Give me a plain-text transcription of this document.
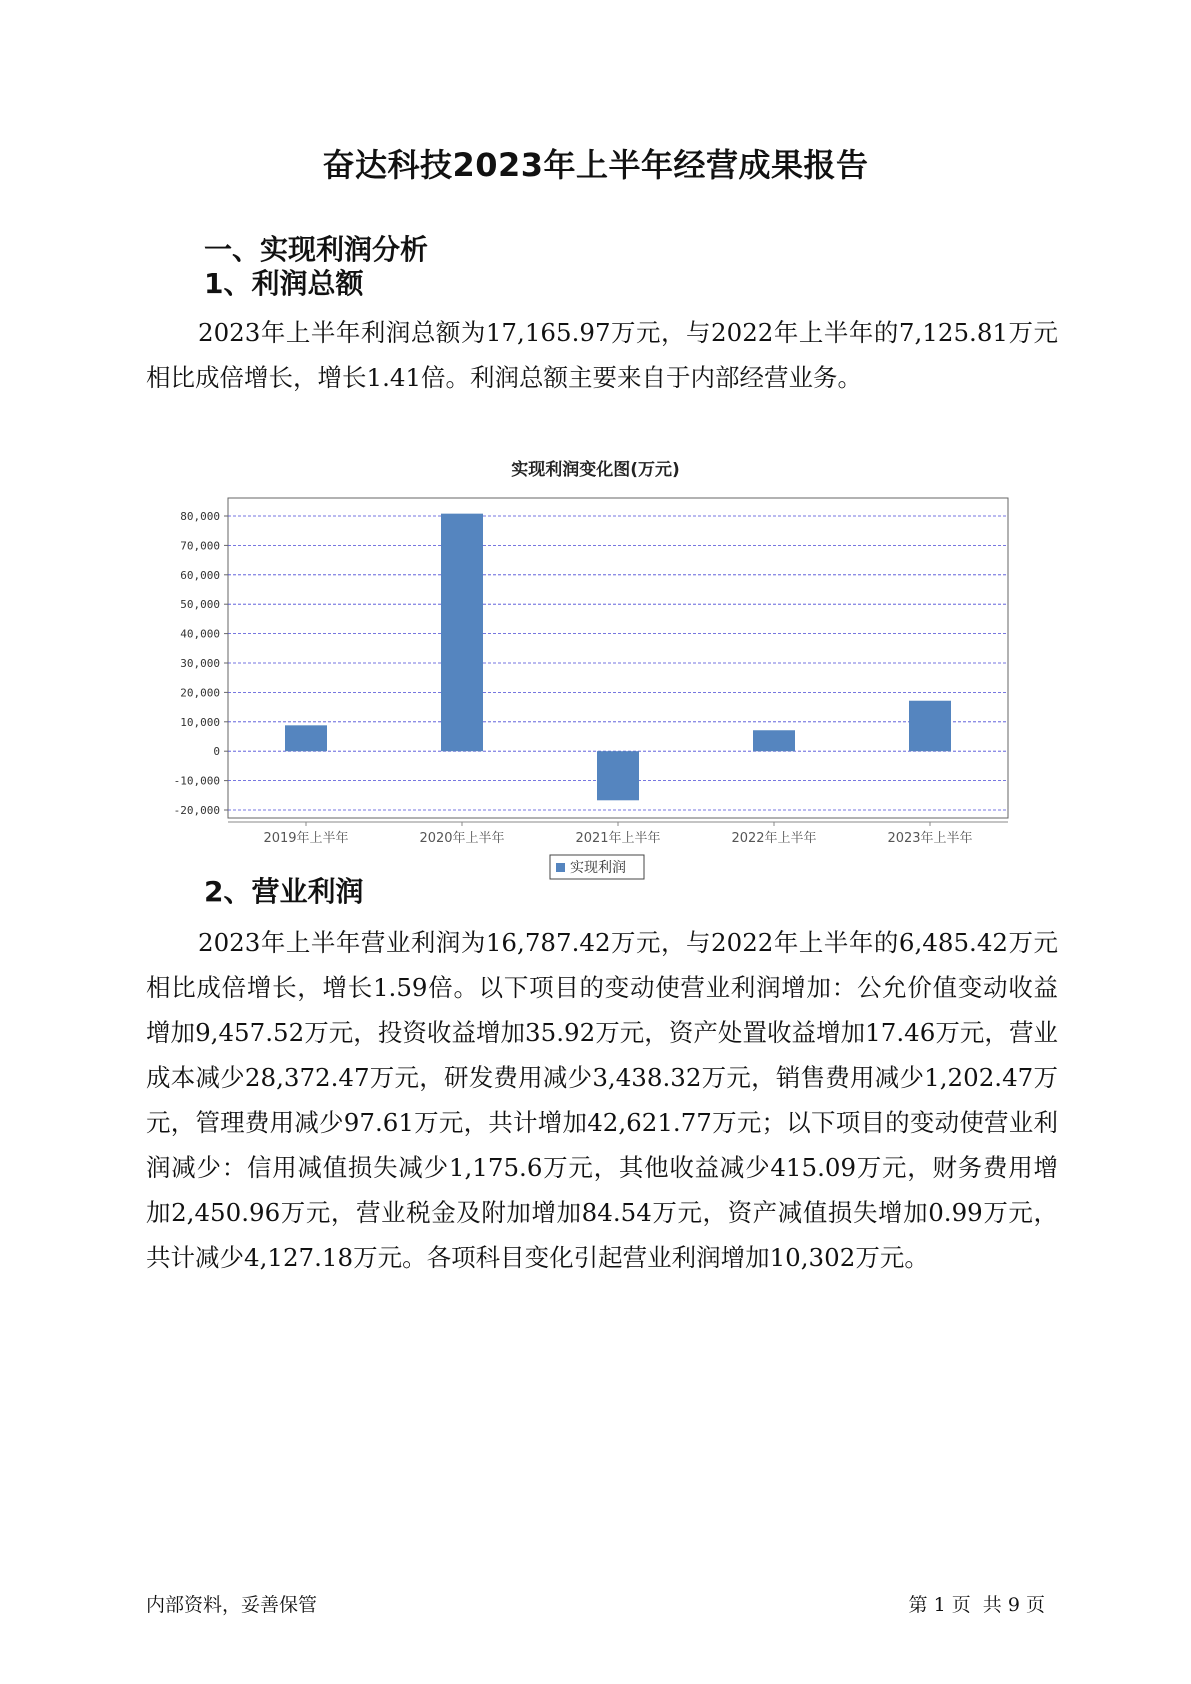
奋达科技2023年上半年经营成果报告
一、实现利润分析
1、利润总额
2023年上半年利润总额为17,165.97万元，与2022年上半年的7,125.81万元相比成倍增长，增长1.41倍。利润总额主要来自于内部经营业务。
实现利润变化图(万元)
80,000
70,000
60,000
50,000
40,000
30,000
20,000
10,000
0
-10,000
-20,000
2019年上半年	2020年上半年	2021年上半年	2022年上半年	2023年上半年
实现利润
2、营业利润
2023年上半年营业利润为16,787.42万元，与2022年上半年的6,485.42万元相比成倍增长，增长1.59倍。以下项目的变动使营业利润增加：公允价值变动收益增加9,457.52万元，投资收益增加35.92万元，资产处置收益增加17.46万元，营业成本减少28,372.47万元，研发费用减少3,438.32万元，销售费用减少1,202.47万元，管理费用减少97.61万元，共计增加42,621.77万元；以下项目的变动使营业利润减少：信用减值损失减少1,175.6万元，其他收益减少415.09万元，财务费用增加2,450.96万元，营业税金及附加增加84.54万元，资产减值损失增加0.99万元，共计减少4,127.18万元。各项科目变化引起营业利润增加10,302万元。
内部资料，妥善保管	第 1 页  共 9 页
